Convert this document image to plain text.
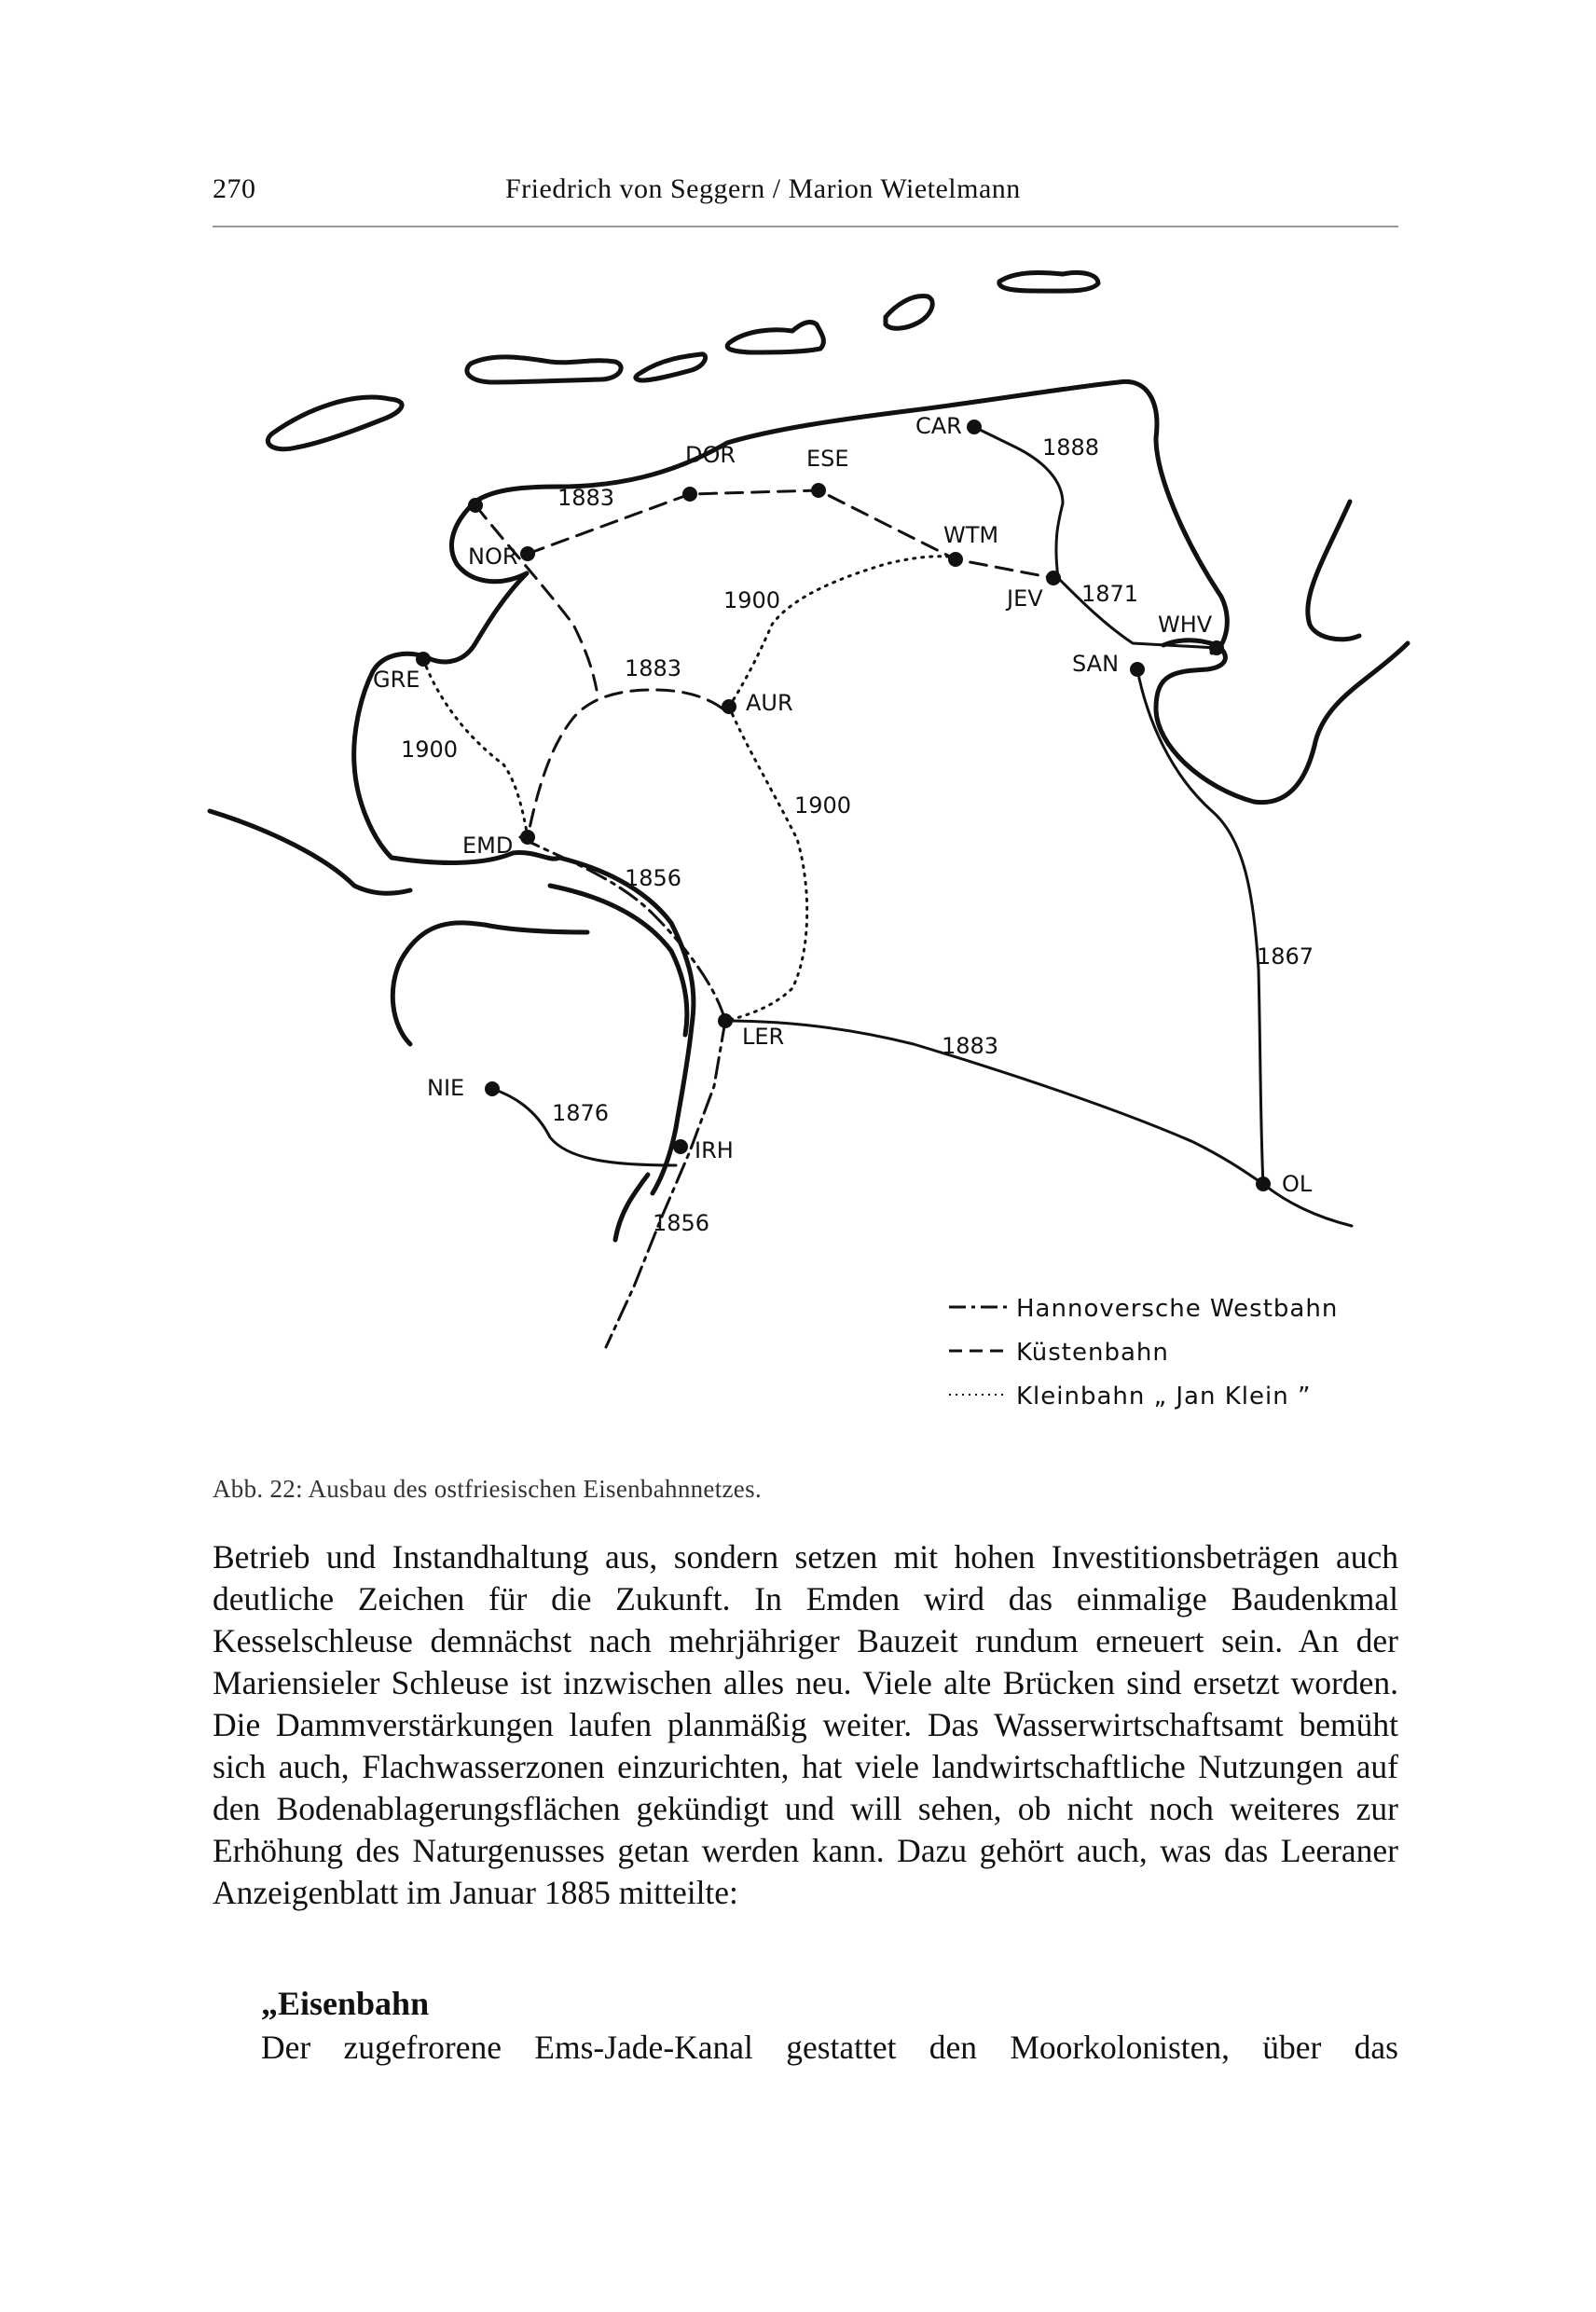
270	Friedrich von Seggern / Marion Wietelmann
NOR
DOR	ESE
CAR
WTM
JEV
WHV
SAN
GRE
AUR
EMD
LER
NIE
IRH
OL
1883
1888
1900	1871
1883
1900
1900
1856
1867
1883
1876
1856
Hannoversche Westbahn
Küstenbahn
Kleinbahn „ Jan Klein ”
Abb. 22: Ausbau des ostfriesischen Eisenbahnnetzes.

Betrieb und Instandhaltung aus, sondern setzen mit hohen Investitionsbeträgen auch deutliche Zeichen für die Zukunft. In Emden wird das einmalige Baudenkmal Kesselschleuse demnächst nach mehrjähriger Bauzeit rundum erneuert sein. An der Mariensieler Schleuse ist inzwischen alles neu. Viele alte Brücken sind ersetzt worden. Die Dammverstärkungen laufen planmäßig weiter. Das Wasserwirtschaftsamt bemüht sich auch, Flachwasserzonen einzurichten, hat viele landwirtschaftliche Nutzungen auf den Bodenablagerungsflächen gekündigt und will sehen, ob nicht noch weiteres zur Erhöhung des Naturgenusses getan werden kann. Dazu gehört auch, was das Leeraner Anzeigenblatt im Januar 1885 mitteilte:

„Eisenbahn
Der zugefrorene Ems-Jade-Kanal gestattet den Moorkolonisten, über das
